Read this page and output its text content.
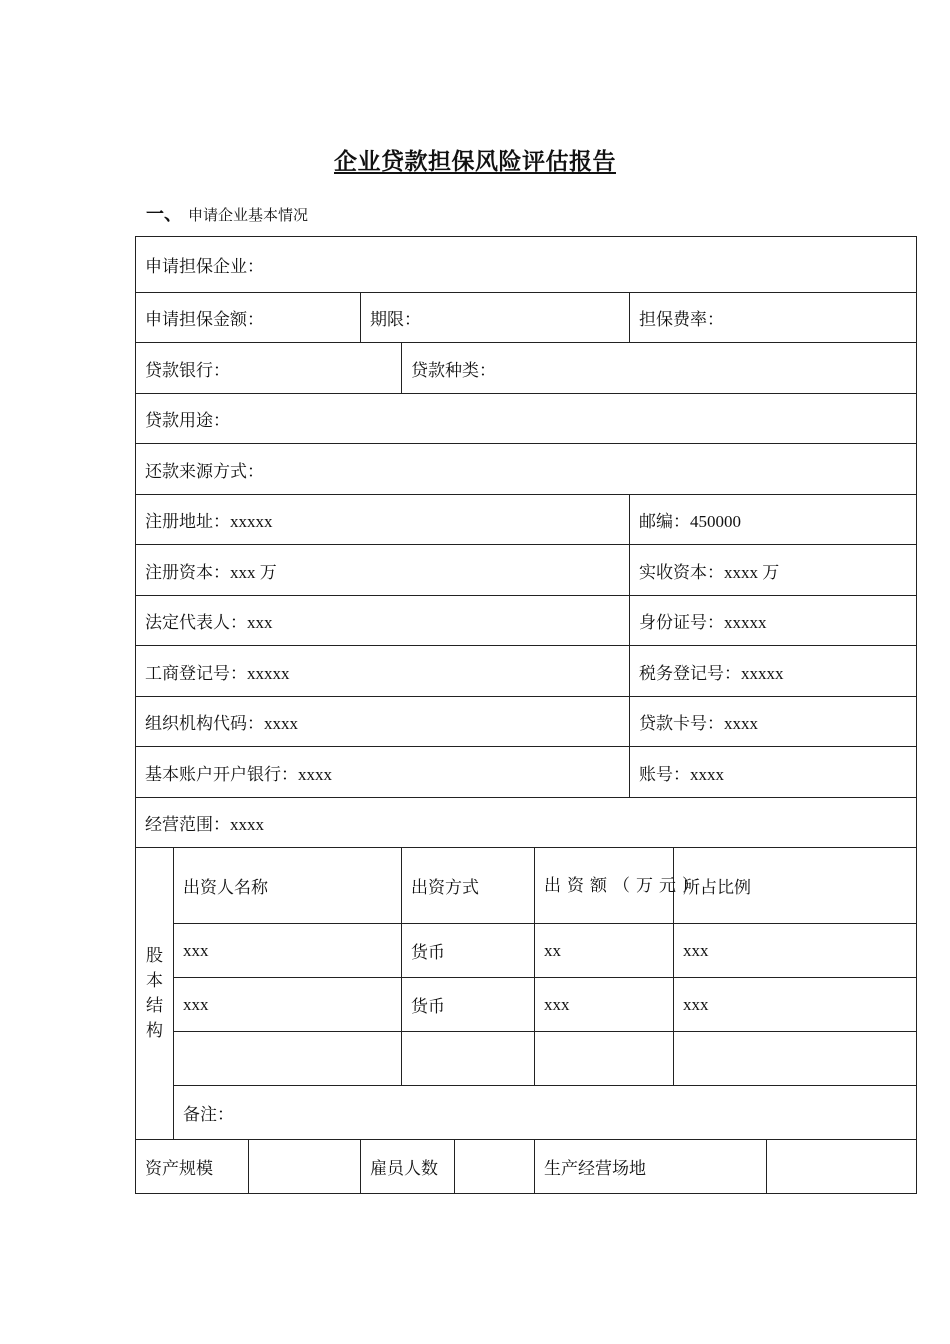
企业贷款担保风险评估报告
一、 申请企业基本情况
申请担保企业：									
申请担保金额：			期限：				担保费率：		
贷款银行：				贷款种类：					
贷款用途：									
还款来源方式：									
注册地址：xxxxx							邮编：450000		
注册资本：xxx 万							实收资本：xxxx 万		
法定代表人：xxx							身份证号：xxxxx		
工商登记号：xxxxx							税务登记号：xxxxx		
组织机构代码：xxxx							贷款卡号：xxxx		
基本账户开户银行：xxxx							账号：xxxx		
经营范围：xxxx									
股
本
结
构	出资人名称			出资方式		出资额（万元）		所占比例	
	xxx			货币		xx		xxx	
	xxx			货币		xxx		xxx	

	备注：								
资产规模			雇员人数			生产经营场地			
